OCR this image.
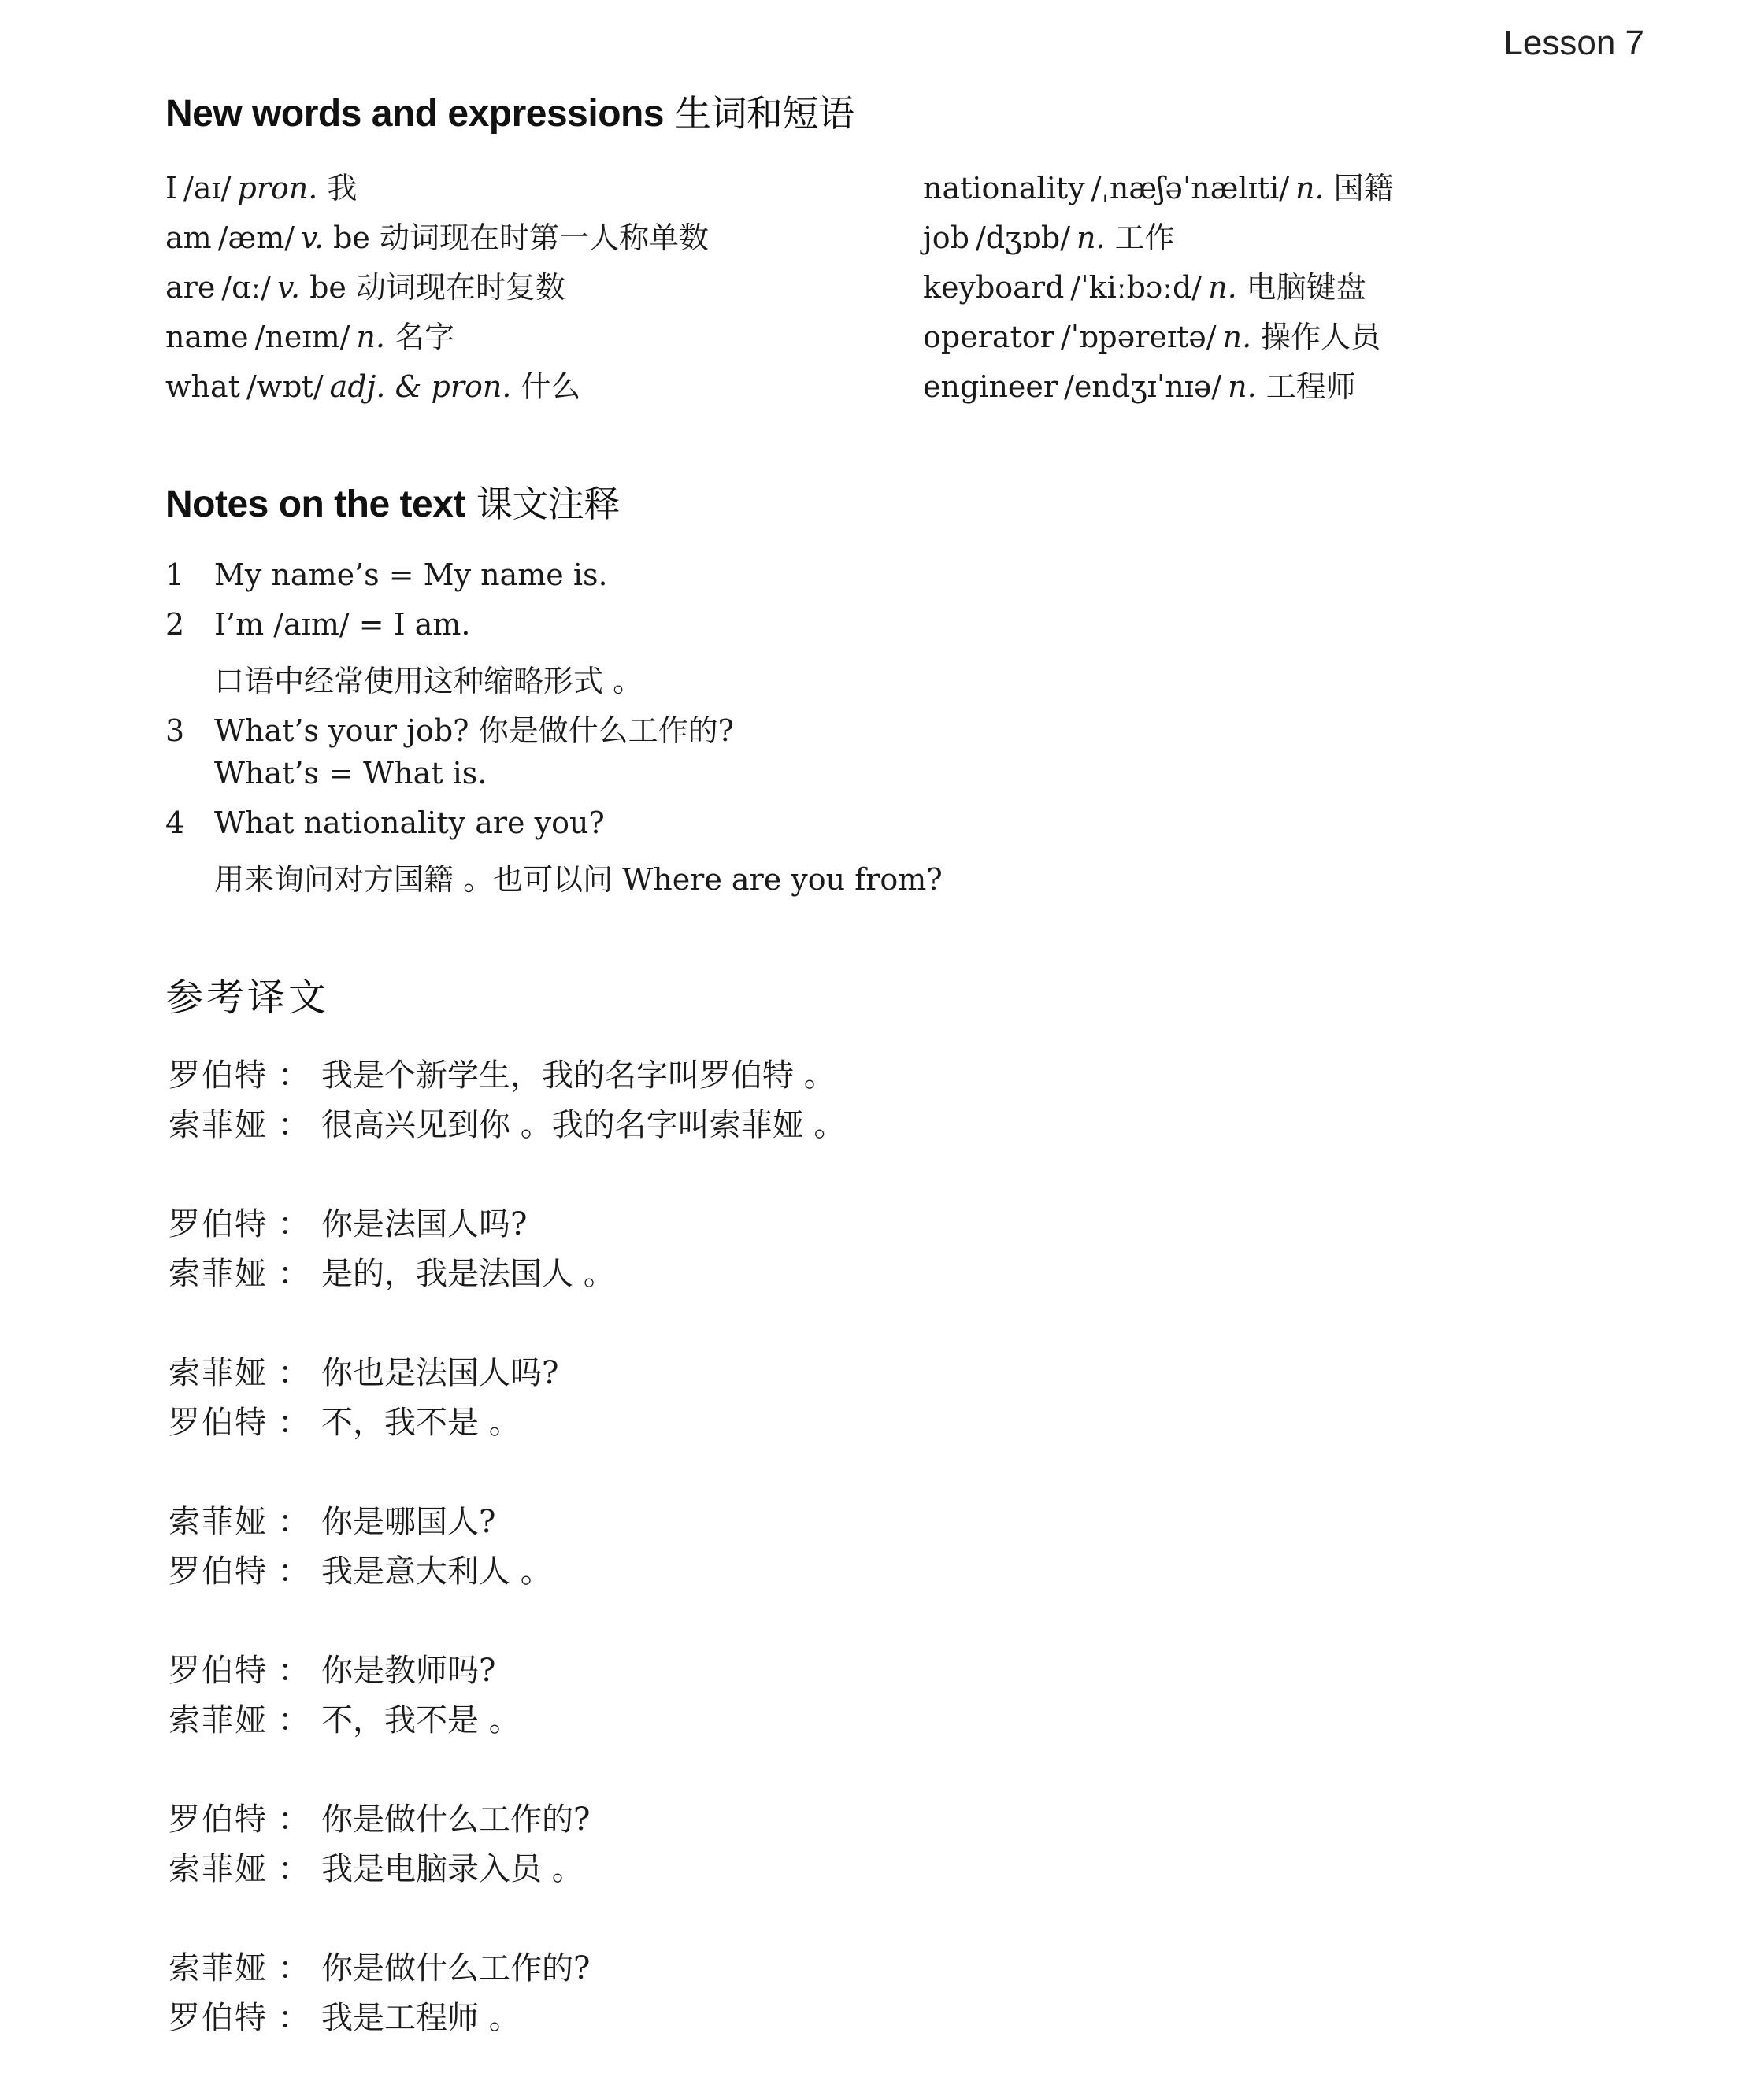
Lesson 7
New words and expressions 生词和短语
I /aɪ/ pron. 我
am /æm/ v. be 动词现在时第一人称单数
are /ɑː/ v. be 动词现在时复数
name /neɪm/ n. 名字
what /wɒt/ adj. & pron. 什么
nationality /ˌnæʃəˈnælɪti/ n. 国籍
job /dʒɒb/ n. 工作
keyboard /ˈkiːbɔːd/ n. 电脑键盘
operator /ˈɒpəreɪtə/ n. 操作人员
engineer /endʒɪˈnɪə/ n. 工程师
Notes on the text 课文注释
1 My name’s = My name is.
2 I’m /aɪm/ = I am.
口语中经常使用这种缩略形式 。
3 What’s your job? 你是做什么工作的?
What’s = What is.
4 What nationality are you?
用来询问对方国籍 。也可以问 Where are you from?
参考译文
罗伯特 ： 我是个新学生，我的名字叫罗伯特 。
索菲娅 ： 很高兴见到你 。我的名字叫索菲娅 。
罗伯特 ： 你是法国人吗?
索菲娅 ： 是的，我是法国人 。
索菲娅 ： 你也是法国人吗?
罗伯特 ： 不，我不是 。
索菲娅 ： 你是哪国人?
罗伯特 ： 我是意大利人 。
罗伯特 ： 你是教师吗?
索菲娅 ： 不，我不是 。
罗伯特 ： 你是做什么工作的?
索菲娅 ： 我是电脑录入员 。
索菲娅 ： 你是做什么工作的?
罗伯特 ： 我是工程师 。
